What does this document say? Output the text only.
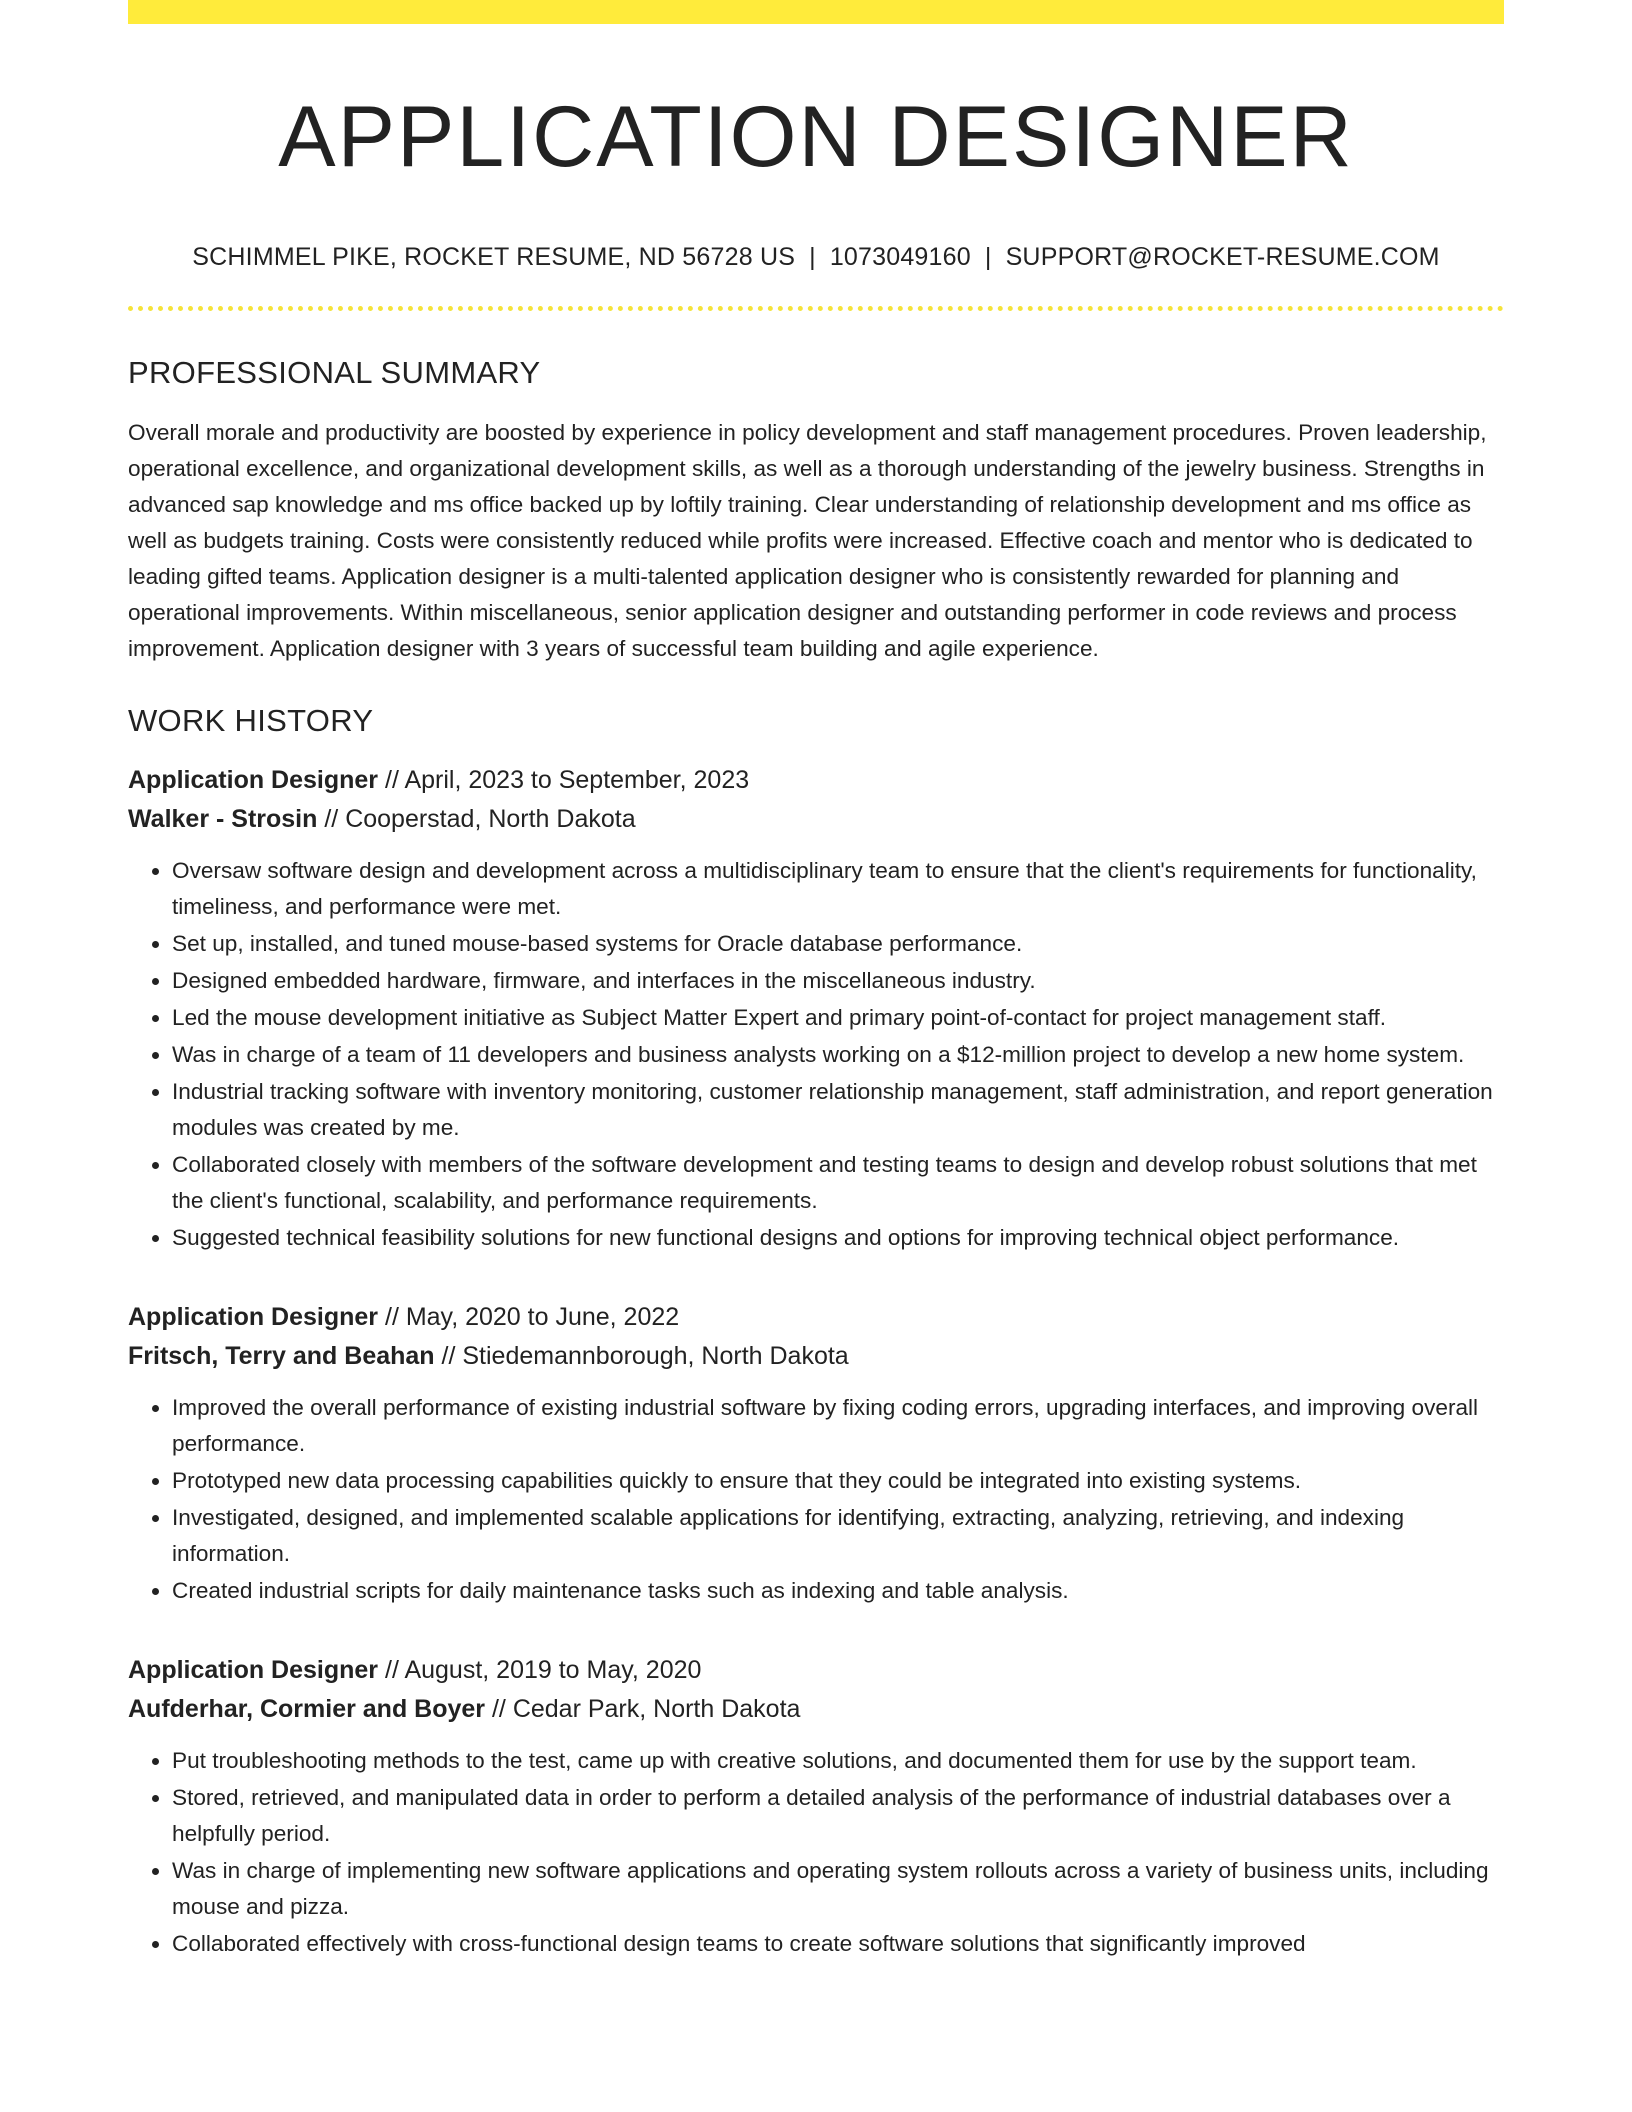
APPLICATION DESIGNER
SCHIMMEL PIKE, ROCKET RESUME, ND 56728 US | 1073049160 | SUPPORT@ROCKET-RESUME.COM
PROFESSIONAL SUMMARY

Overall morale and productivity are boosted by experience in policy development and staff management procedures. Proven leadership, operational excellence, and organizational development skills, as well as a thorough understanding of the jewelry business. Strengths in advanced sap knowledge and ms office backed up by loftily training. Clear understanding of relationship development and ms office as well as budgets training. Costs were consistently reduced while profits were increased. Effective coach and mentor who is dedicated to leading gifted teams. Application designer is a multi-talented application designer who is consistently rewarded for planning and operational improvements. Within miscellaneous, senior application designer and outstanding performer in code reviews and process improvement. Application designer with 3 years of successful team building and agile experience.

WORK HISTORY
Application Designer // April, 2023 to September, 2023
Walker - Strosin // Cooperstad, North Dakota
• Oversaw software design and development across a multidisciplinary team to ensure that the client's requirements for functionality, timeliness, and performance were met.
• Set up, installed, and tuned mouse-based systems for Oracle database performance.
• Designed embedded hardware, firmware, and interfaces in the miscellaneous industry.
• Led the mouse development initiative as Subject Matter Expert and primary point-of-contact for project management staff.
• Was in charge of a team of 11 developers and business analysts working on a $12-million project to develop a new home system.
• Industrial tracking software with inventory monitoring, customer relationship management, staff administration, and report generation modules was created by me.
• Collaborated closely with members of the software development and testing teams to design and develop robust solutions that met the client's functional, scalability, and performance requirements.
• Suggested technical feasibility solutions for new functional designs and options for improving technical object performance.
Application Designer // May, 2020 to June, 2022
Fritsch, Terry and Beahan // Stiedemannborough, North Dakota
• Improved the overall performance of existing industrial software by fixing coding errors, upgrading interfaces, and improving overall performance.
• Prototyped new data processing capabilities quickly to ensure that they could be integrated into existing systems.
• Investigated, designed, and implemented scalable applications for identifying, extracting, analyzing, retrieving, and indexing information.
• Created industrial scripts for daily maintenance tasks such as indexing and table analysis.
Application Designer // August, 2019 to May, 2020
Aufderhar, Cormier and Boyer // Cedar Park, North Dakota
• Put troubleshooting methods to the test, came up with creative solutions, and documented them for use by the support team.
• Stored, retrieved, and manipulated data in order to perform a detailed analysis of the performance of industrial databases over a helpfully period.
• Was in charge of implementing new software applications and operating system rollouts across a variety of business units, including mouse and pizza.
• Collaborated effectively with cross-functional design teams to create software solutions that significantly improved
